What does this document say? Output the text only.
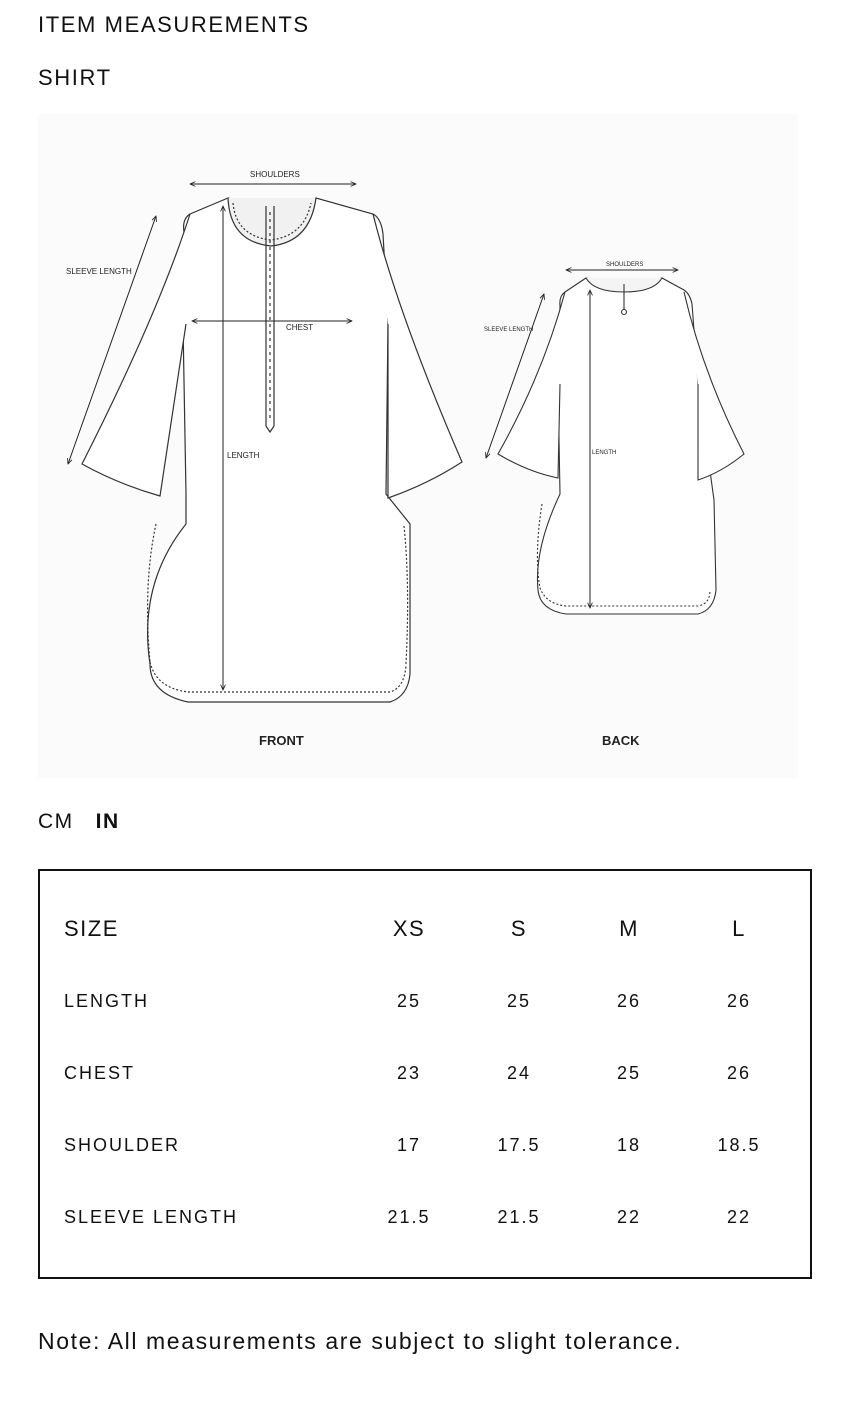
ITEM MEASUREMENTS
SHIRT
SHOULDERS
SLEEVE LENGTH
CHEST
LENGTH
FRONT
SHOULDERS
SLEEVE LENGTH
LENGTH
BACK
CM IN
SIZE	XS	S	M	L
LENGTH	25	25	26	26
CHEST	23	24	25	26
SHOULDER	17	17.5	18	18.5
SLEEVE LENGTH	21.5	21.5	22	22

Note: All measurements are subject to slight tolerance.
